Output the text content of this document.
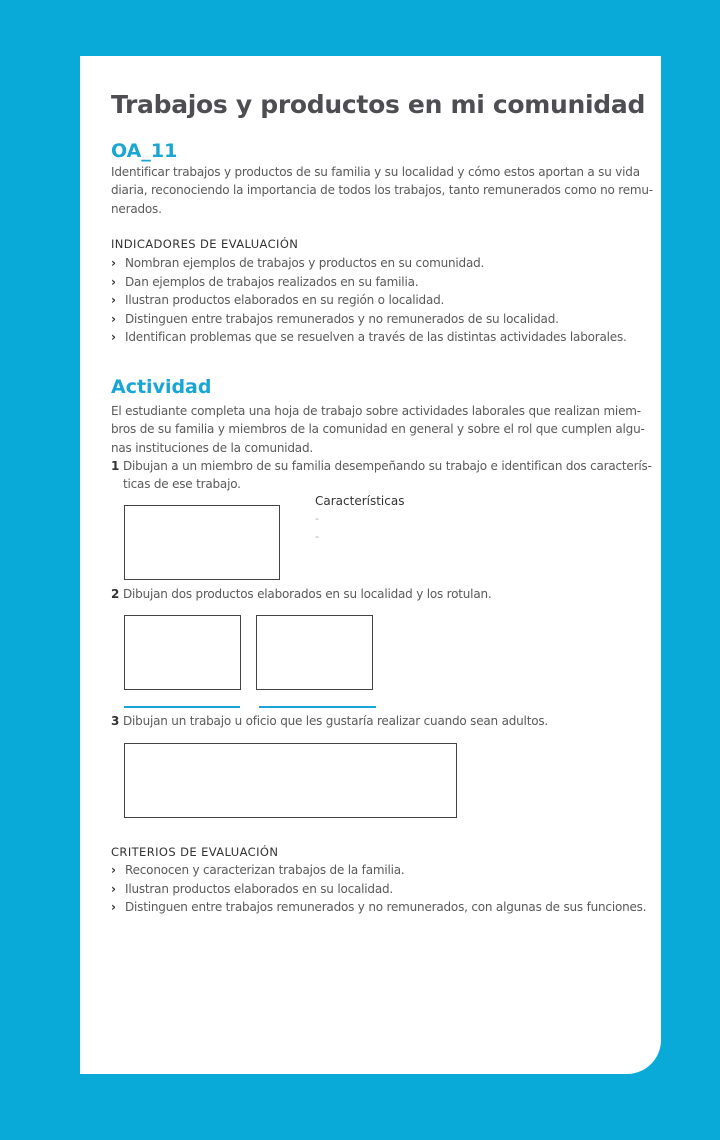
Trabajos y productos en mi comunidad
OA_11
Identificar trabajos y productos de su familia y su localidad y cómo estos aportan a su vida
diaria, reconociendo la importancia de todos los trabajos, tanto remunerados como no remu-
nerados.
INDICADORES DE EVALUACIÓN
› Nombran ejemplos de trabajos y productos en su comunidad.
› Dan ejemplos de trabajos realizados en su familia.
› Ilustran productos elaborados en su región o localidad.
› Distinguen entre trabajos remunerados y no remunerados de su localidad.
› Identifican problemas que se resuelven a través de las distintas actividades laborales.
Actividad
El estudiante completa una hoja de trabajo sobre actividades laborales que realizan miem-
bros de su familia y miembros de la comunidad en general y sobre el rol que cumplen algu-
nas instituciones de la comunidad.
1 Dibujan a un miembro de su familia desempeñando su trabajo e identifican dos caracterís-
ticas de ese trabajo.
Características
-
-
2 Dibujan dos productos elaborados en su localidad y los rotulan.
3 Dibujan un trabajo u oficio que les gustaría realizar cuando sean adultos.
CRITERIOS DE EVALUACIÓN
› Reconocen y caracterizan trabajos de la familia.
› Ilustran productos elaborados en su localidad.
› Distinguen entre trabajos remunerados y no remunerados, con algunas de sus funciones.
